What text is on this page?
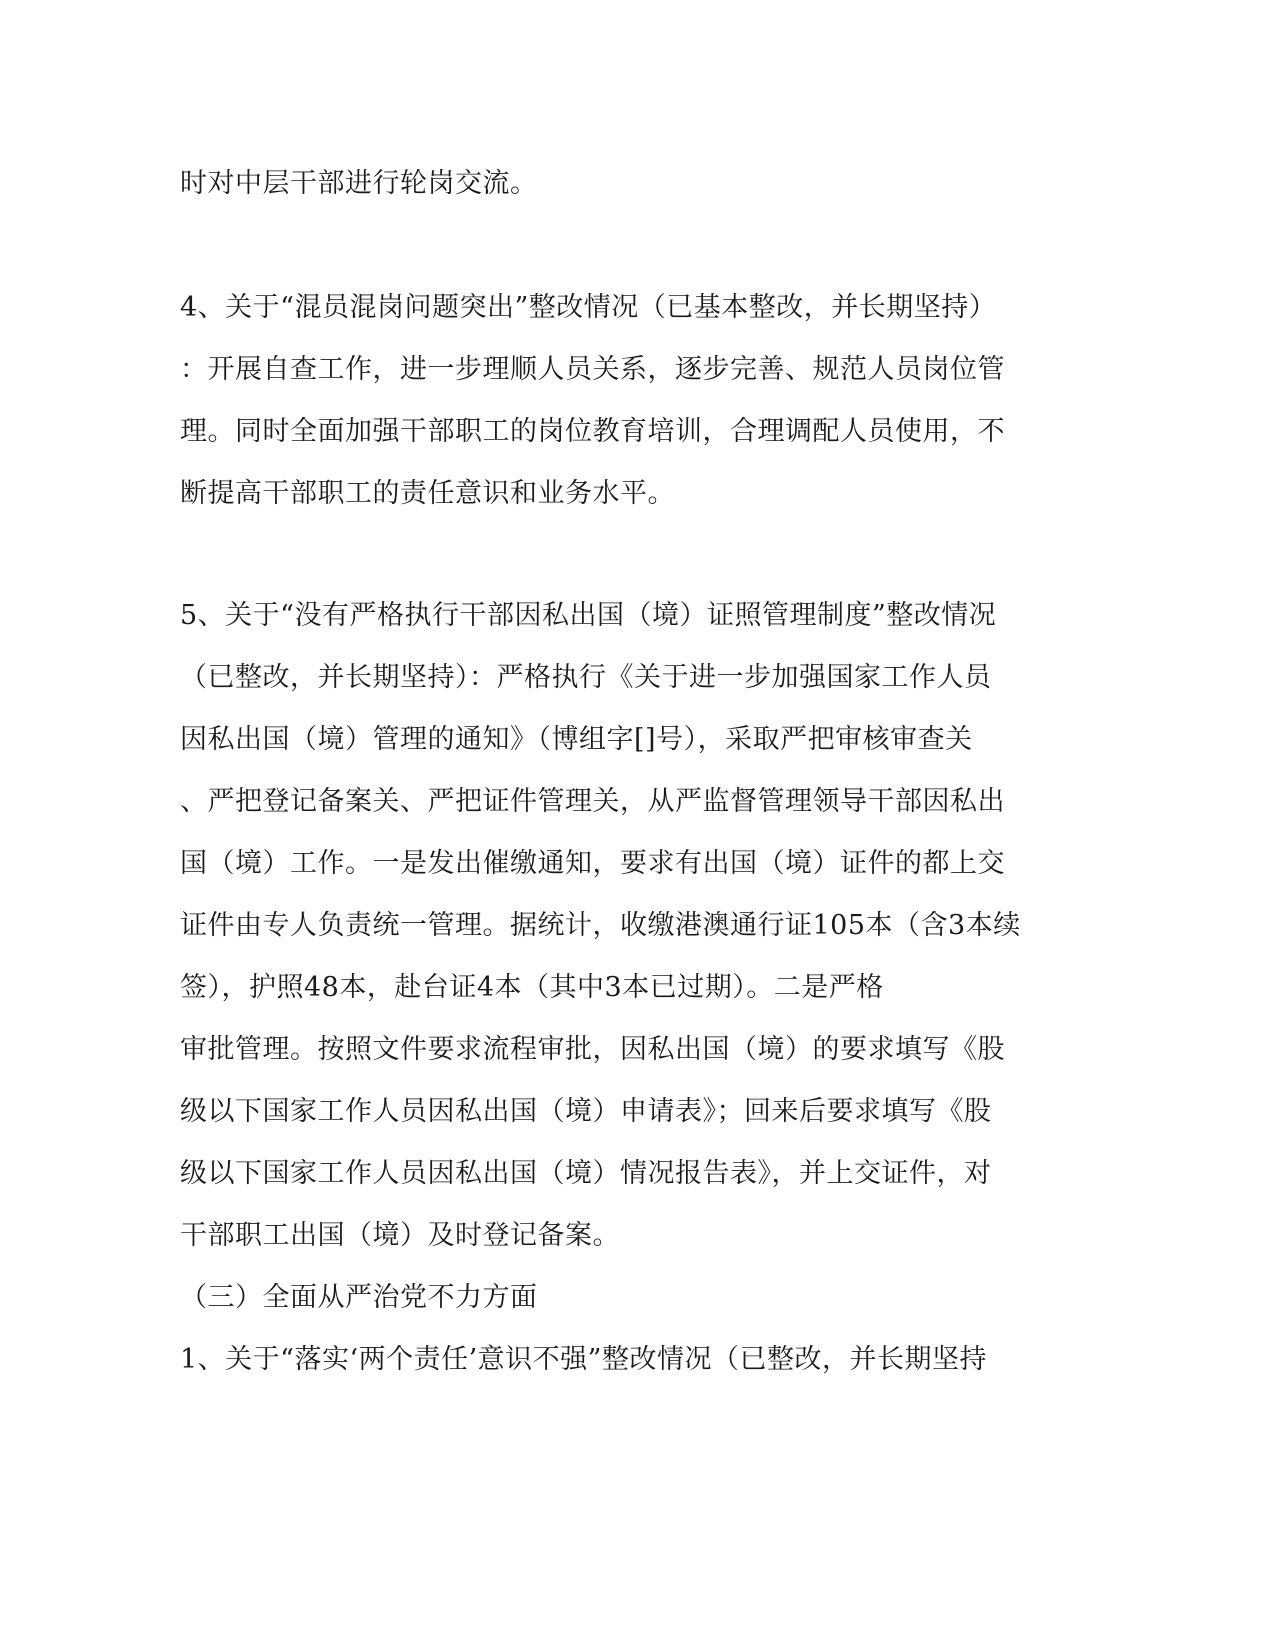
时对中层干部进行轮岗交流。
4、关于“混员混岗问题突出”整改情况（已基本整改，并长期坚持）
：开展自查工作，进一步理顺人员关系，逐步完善、规范人员岗位管
理。同时全面加强干部职工的岗位教育培训，合理调配人员使用，不
断提高干部职工的责任意识和业务水平。
5、关于“没有严格执行干部因私出国（境）证照管理制度”整改情况
（已整改，并长期坚持）：严格执行《关于进一步加强国家工作人员
因私出国（境）管理的通知》（博组字[]号），采取严把审核审查关
、严把登记备案关、严把证件管理关，从严监督管理领导干部因私出
国（境）工作。一是发出催缴通知，要求有出国（境）证件的都上交
证件由专人负责统一管理。据统计，收缴港澳通行证105本（含3本续
签），护照48本，赴台证4本（其中3本已过期）。二是严格
审批管理。按照文件要求流程审批，因私出国（境）的要求填写《股
级以下国家工作人员因私出国（境）申请表》；回来后要求填写《股
级以下国家工作人员因私出国（境）情况报告表》，并上交证件，对
干部职工出国（境）及时登记备案。
（三）全面从严治党不力方面
1、关于“落实‘两个责任’意识不强”整改情况（已整改，并长期坚持
